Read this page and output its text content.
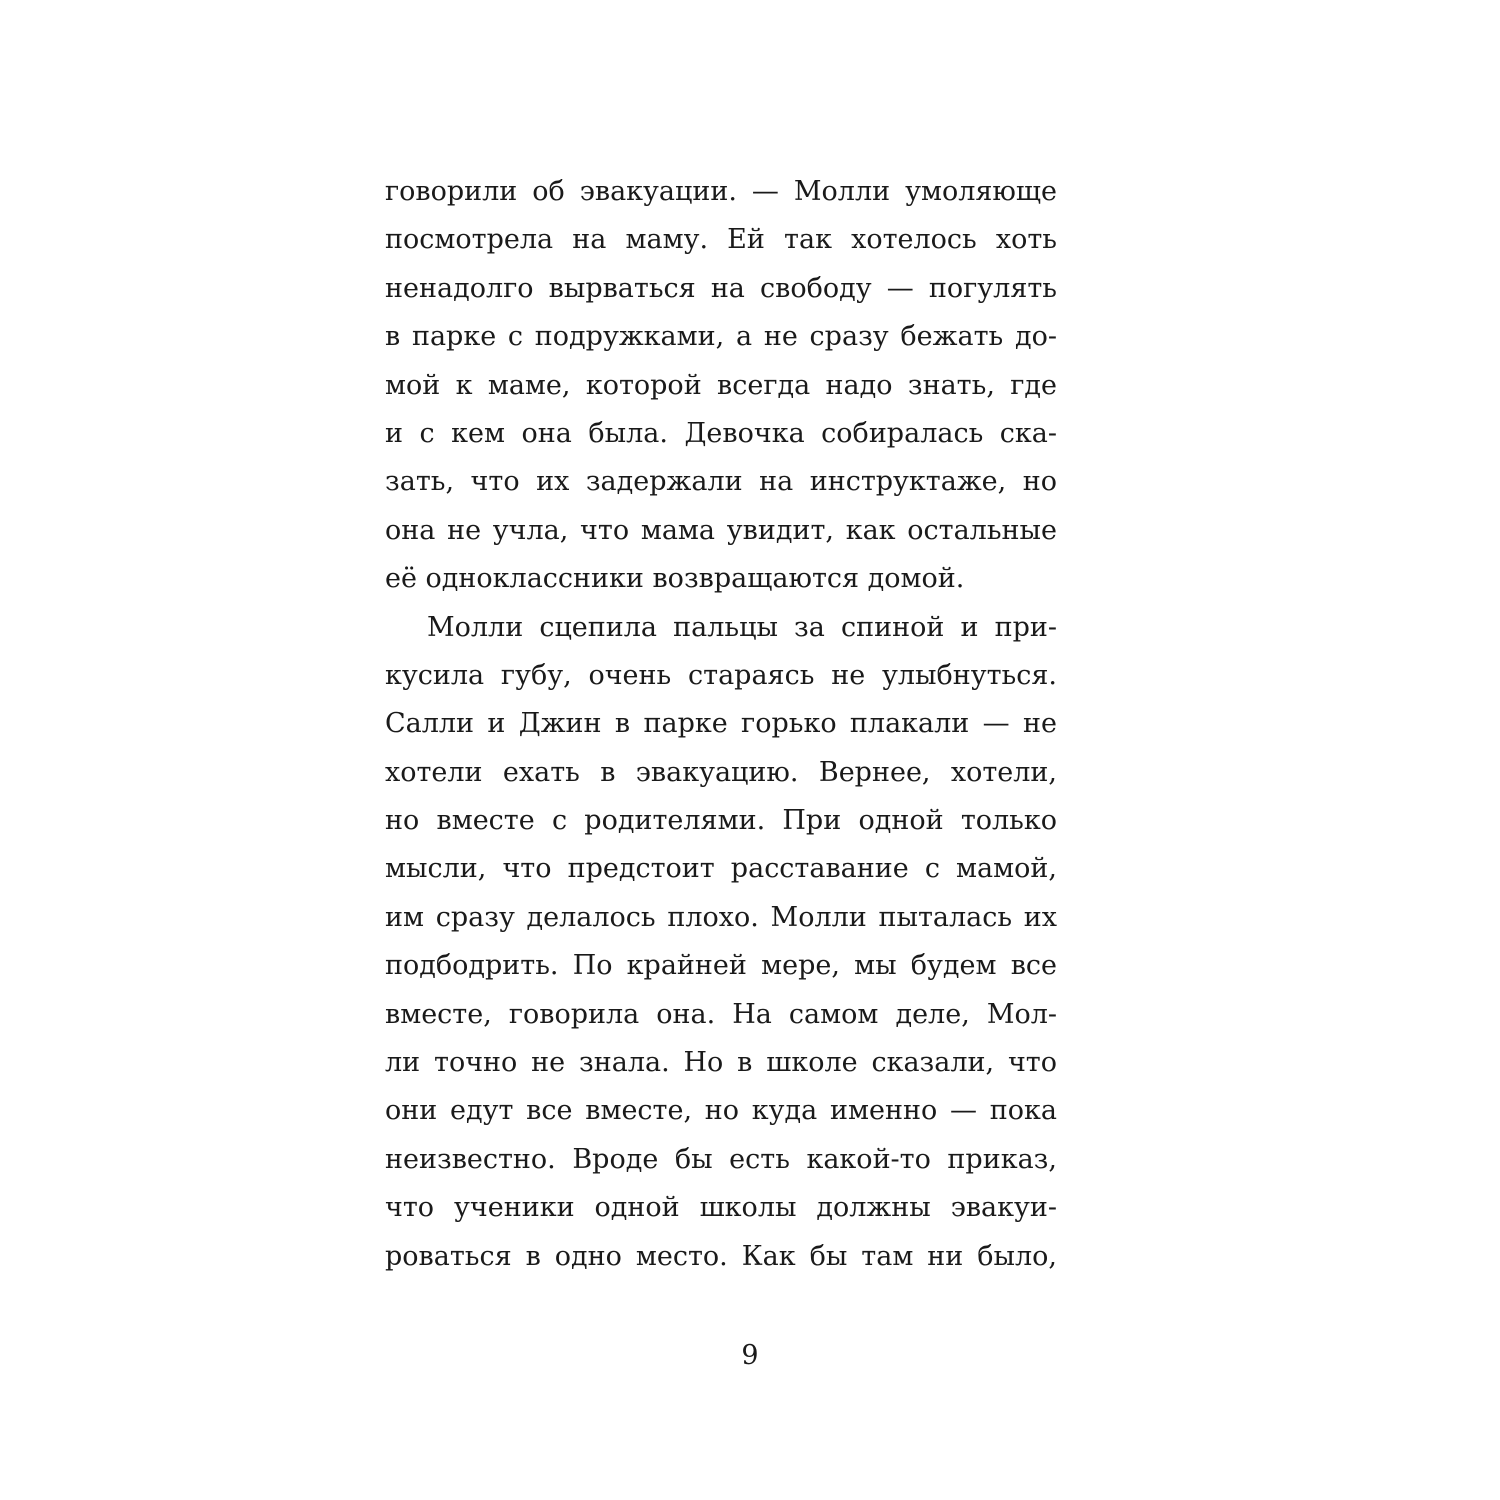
говорили об эвакуации. — Молли умоляюще
посмотрела на маму. Ей так хотелось хоть
ненадолго вырваться на свободу — погулять
в парке с подружками, а не сразу бежать до-
мой к маме, которой всегда надо знать, где
и с кем она была. Девочка собиралась ска-
зать, что их задержали на инструктаже, но
она не учла, что мама увидит, как остальные
её одноклассники возвращаются домой.
Молли сцепила пальцы за спиной и при-
кусила губу, очень стараясь не улыбнуться.
Салли и Джин в парке горько плакали — не
хотели ехать в эвакуацию. Вернее, хотели,
но вместе с родителями. При одной только
мысли, что предстоит расставание с мамой,
им сразу делалось плохо. Молли пыталась их
подбодрить. По крайней мере, мы будем все
вместе, говорила она. На самом деле, Мол-
ли точно не знала. Но в школе сказали, что
они едут все вместе, но куда именно — пока
неизвестно. Вроде бы есть какой-то приказ,
что ученики одной школы должны эвакуи-
роваться в одно место. Как бы там ни было,
9
